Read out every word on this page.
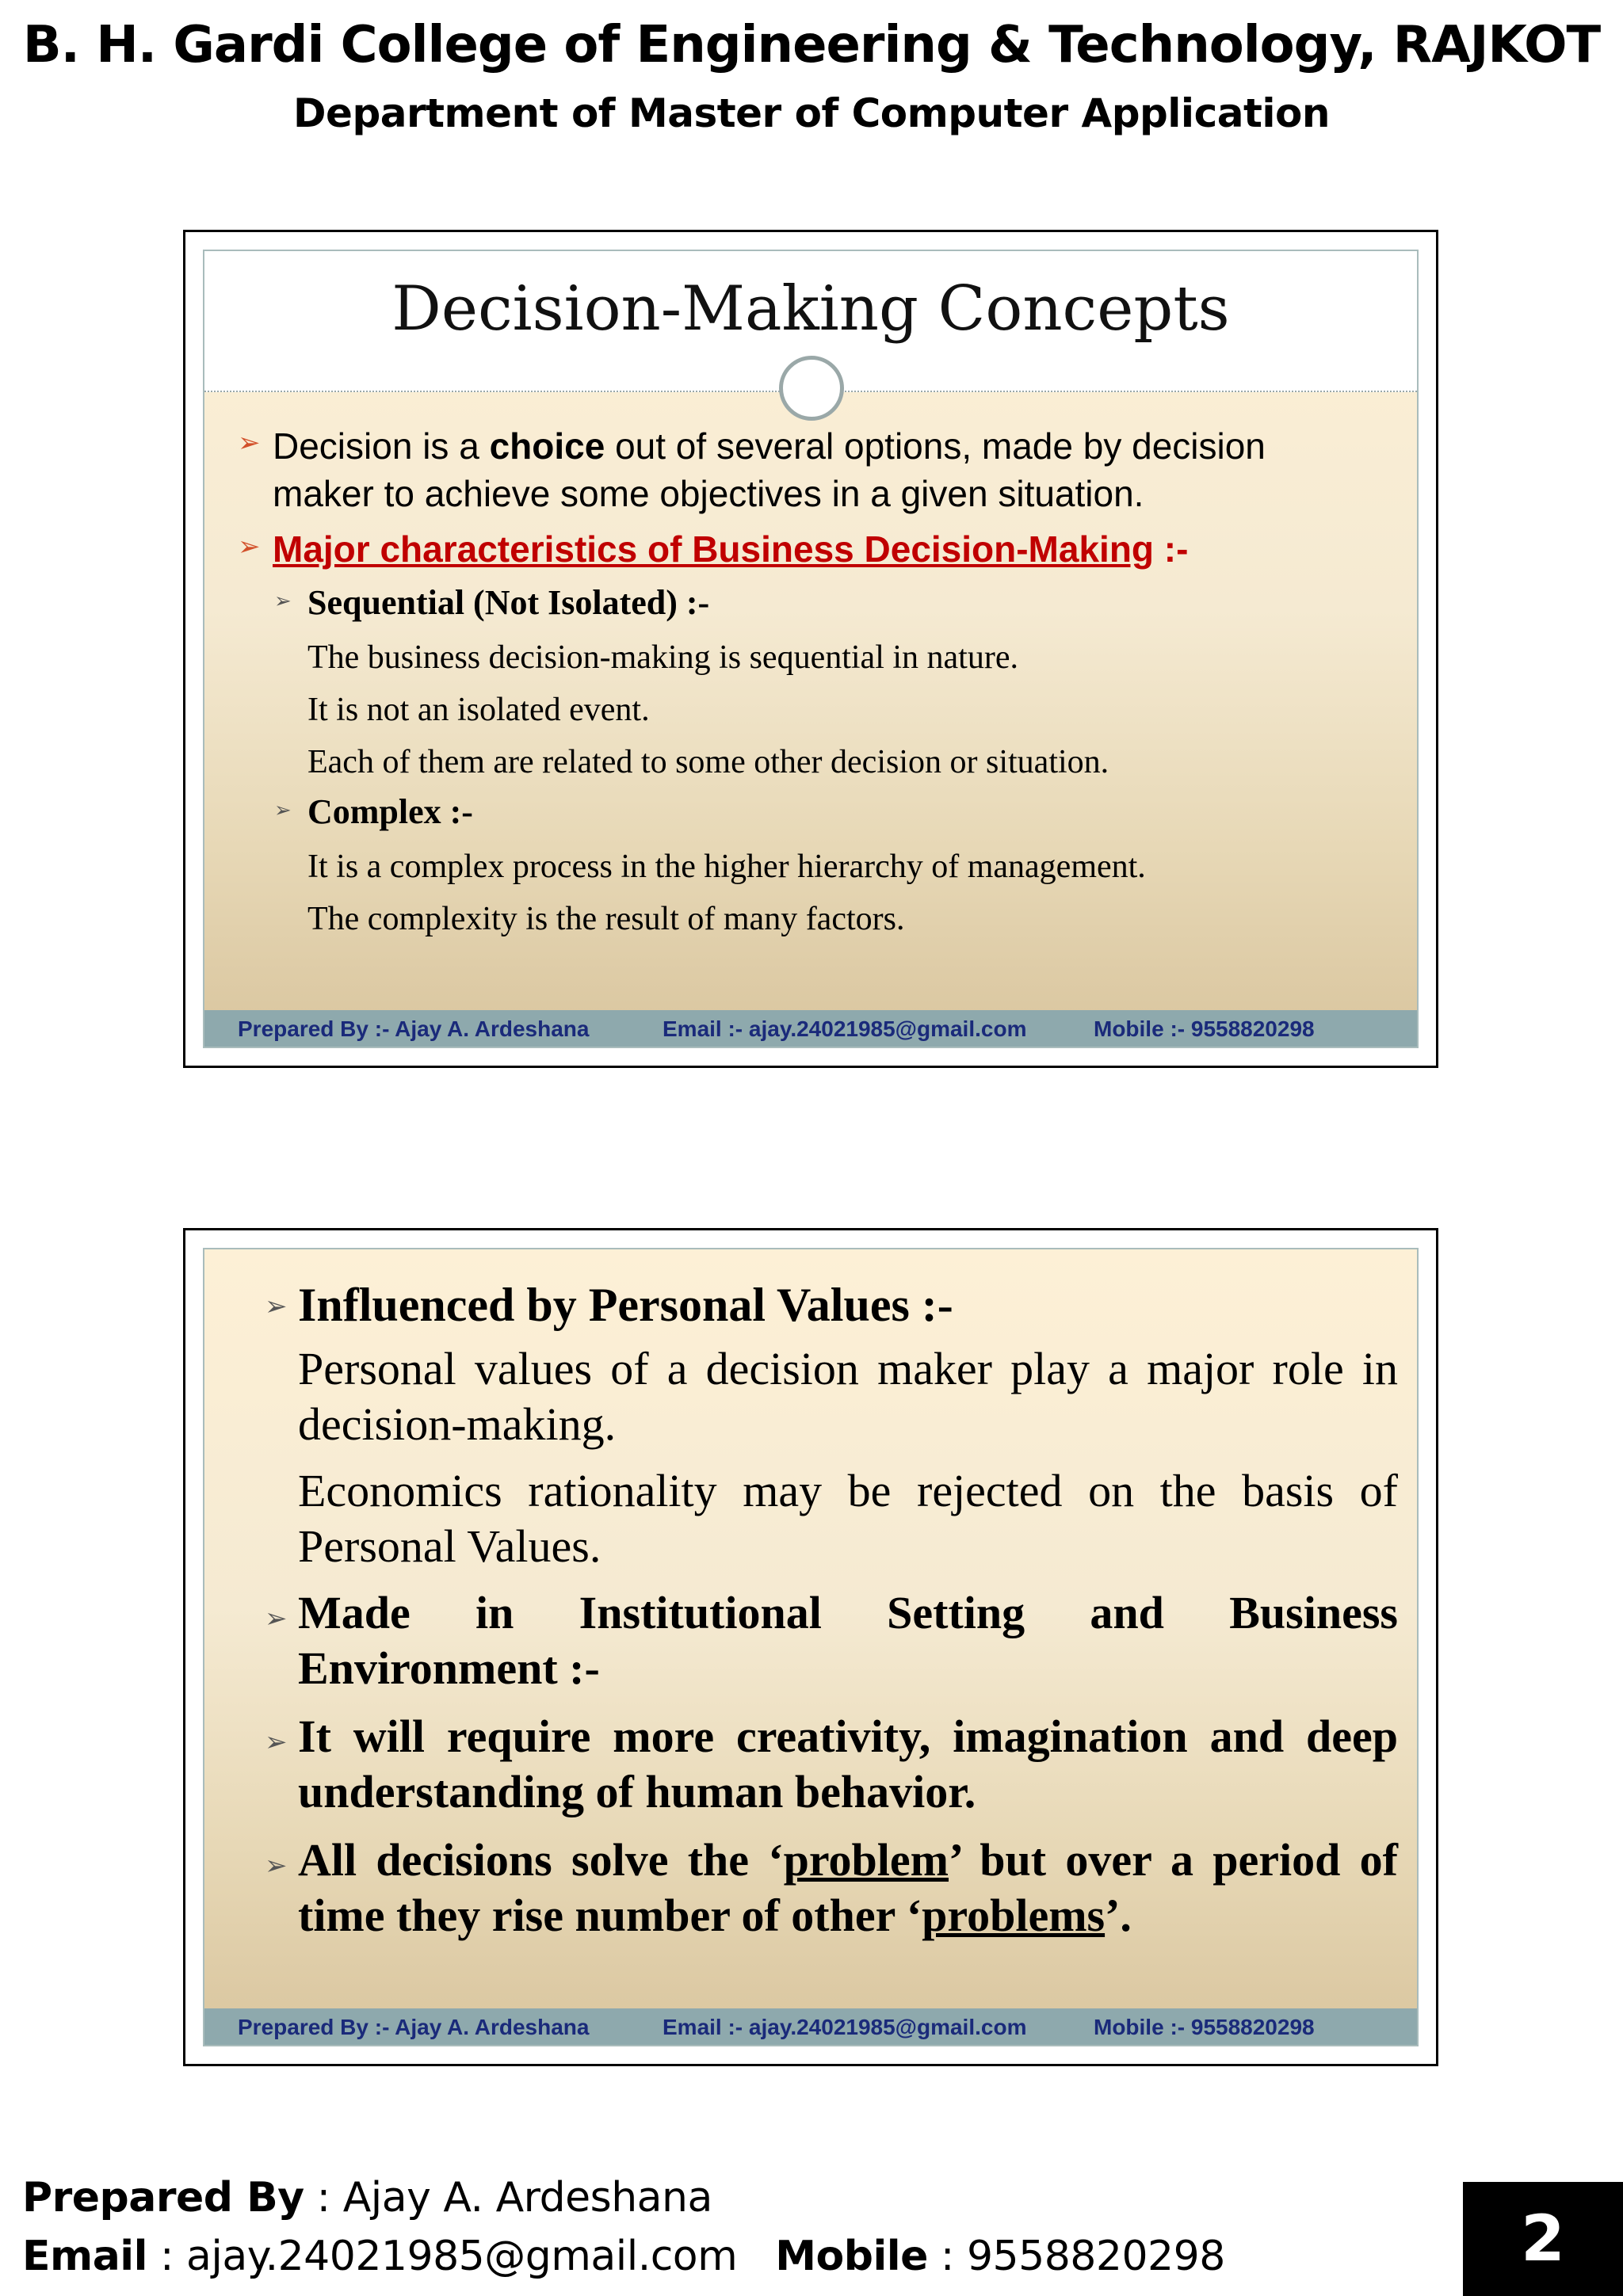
B. H. Gardi College of Engineering & Technology, RAJKOT
Department of Master of Computer Application
Decision-Making Concepts
➢ Decision is a choice out of several options, made by decision
maker to achieve some objectives in a given situation.

➢ Major characteristics of Business Decision-Making :-

➢ Sequential (Not Isolated) :-

The business decision-making is sequential in nature.
It is not an isolated event.
Each of them are related to some other decision or situation.

➢ Complex :-

It is a complex process in the higher hierarchy of management.
The complexity is the result of many factors.

Prepared By :- Ajay A. Ardeshana	Email :- ajay.24021985@gmail.com	Mobile :- 9558820298
➢ Influenced by Personal Values :-

Personal values of a decision maker play a major role in decision-making.

Economics rationality may be rejected on the basis of Personal Values.

➢ Made in Institutional Setting and Business Environment :-

➢ It will require more creativity, imagination and deep understanding of human behavior.

➢ All decisions solve the ‘problem’ but over a period of time they rise number of other ‘problems’.

Prepared By :- Ajay A. Ardeshana	Email :- ajay.24021985@gmail.com	Mobile :- 9558820298
Prepared By : Ajay A. Ardeshana
Email : ajay.24021985@gmail.com Mobile : 9558820298	2
